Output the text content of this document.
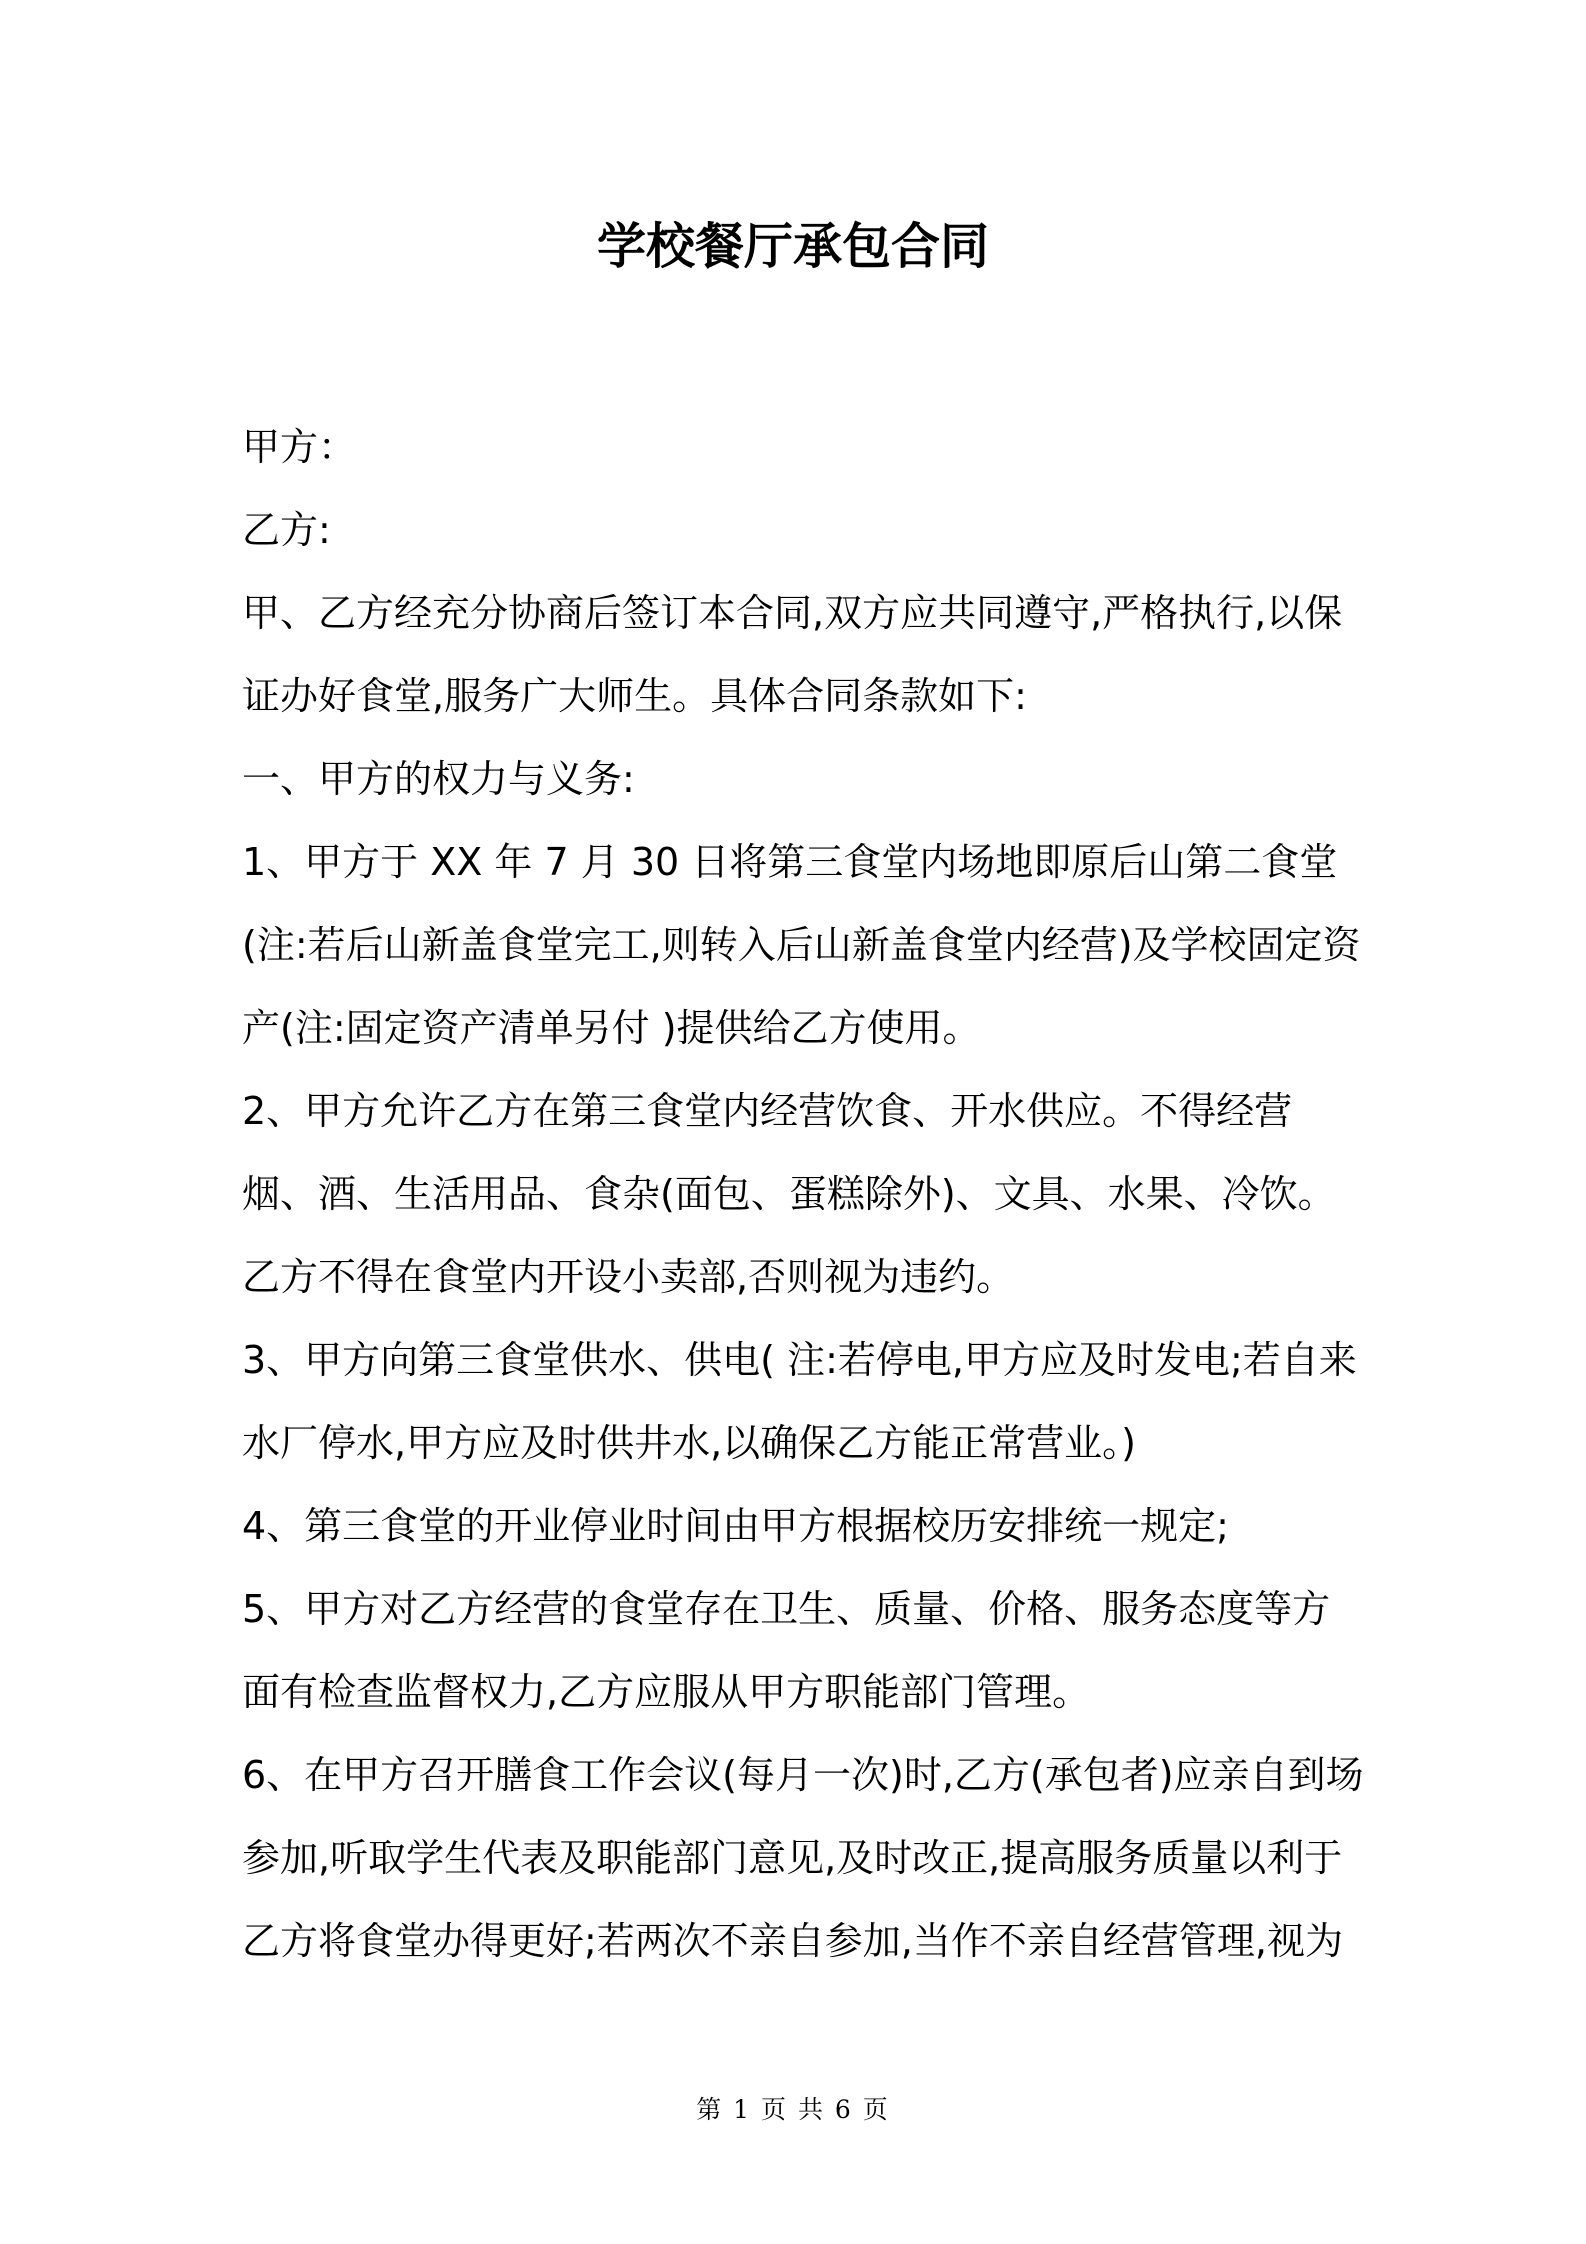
学校餐厅承包合同

甲方：

乙方:

甲、乙方经充分协商后签订本合同,双方应共同遵守,严格执行,以保证办好食堂,服务广大师生。具体合同条款如下:

一、甲方的权力与义务:

1、甲方于 XX 年 7 月 30 日将第三食堂内场地即原后山第二食堂(注:若后山新盖食堂完工,则转入后山新盖食堂内经营)及学校固定资产(注:固定资产清单另付 )提供给乙方使用。

2、甲方允许乙方在第三食堂内经营饮食、开水供应。不得经营烟、酒、生活用品、食杂(面包、蛋糕除外)、文具、水果、冷饮。乙方不得在食堂内开设小卖部,否则视为违约。

3、甲方向第三食堂供水、供电( 注:若停电,甲方应及时发电;若自来水厂停水,甲方应及时供井水,以确保乙方能正常营业。)

4、第三食堂的开业停业时间由甲方根据校历安排统一规定;

5、甲方对乙方经营的食堂存在卫生、质量、价格、服务态度等方面有检查监督权力,乙方应服从甲方职能部门管理。

6、在甲方召开膳食工作会议(每月一次)时,乙方(承包者)应亲自到场参加,听取学生代表及职能部门意见,及时改正,提高服务质量以利于乙方将食堂办得更好;若两次不亲自参加,当作不亲自经营管理,视为

第 1 页 共 6 页
